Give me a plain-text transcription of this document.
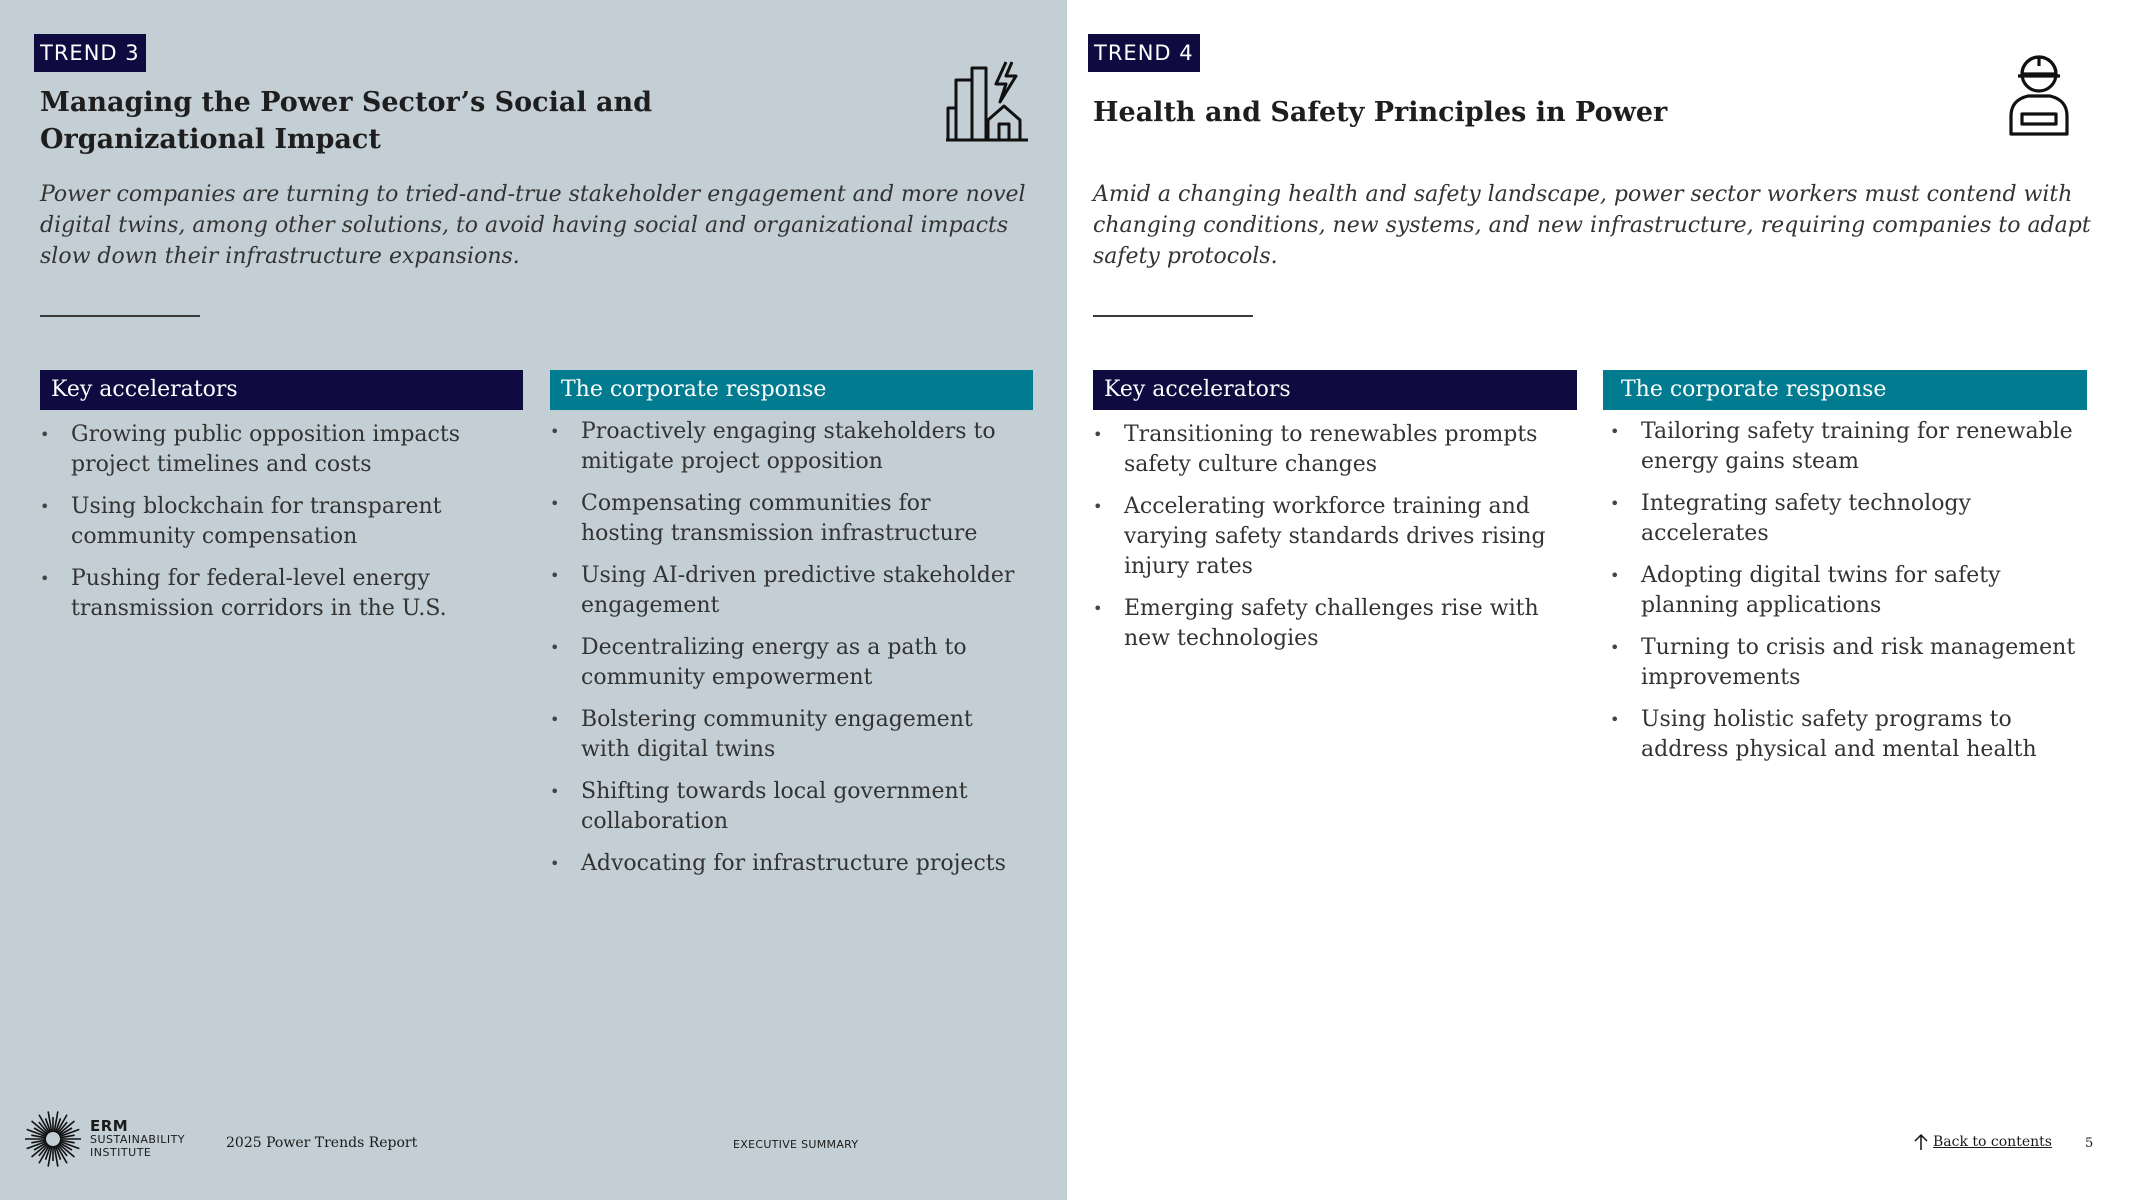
TREND 3
Managing the Power Sector’s Social and
Organizational Impact
Power companies are turning to tried-and-true stakeholder engagement and more novel
digital twins, among other solutions, to avoid having social and organizational impacts
slow down their infrastructure expansions.
Key accelerators
• Growing public opposition impacts
project timelines and costs
• Using blockchain for transparent
community compensation
• Pushing for federal-level energy
transmission corridors in the U.S.
The corporate response
• Proactively engaging stakeholders to
mitigate project opposition
• Compensating communities for
hosting transmission infrastructure
• Using AI-driven predictive stakeholder
engagement
• Decentralizing energy as a path to
community empowerment
• Bolstering community engagement
with digital twins
• Shifting towards local government
collaboration
• Advocating for infrastructure projects
ERM
SUSTAINABILITY
INSTITUTE
2025 Power Trends Report	EXECUTIVE SUMMARY
TREND 4
Health and Safety Principles in Power
Amid a changing health and safety landscape, power sector workers must contend with
changing conditions, new systems, and new infrastructure, requiring companies to adapt
safety protocols.
Key accelerators
• Transitioning to renewables prompts
safety culture changes
• Accelerating workforce training and
varying safety standards drives rising
injury rates
• Emerging safety challenges rise with
new technologies
The corporate response
• Tailoring safety training for renewable
energy gains steam
• Integrating safety technology
accelerates
• Adopting digital twins for safety
planning applications
• Turning to crisis and risk management
improvements
• Using holistic safety programs to
address physical and mental health
Back to contents	5
